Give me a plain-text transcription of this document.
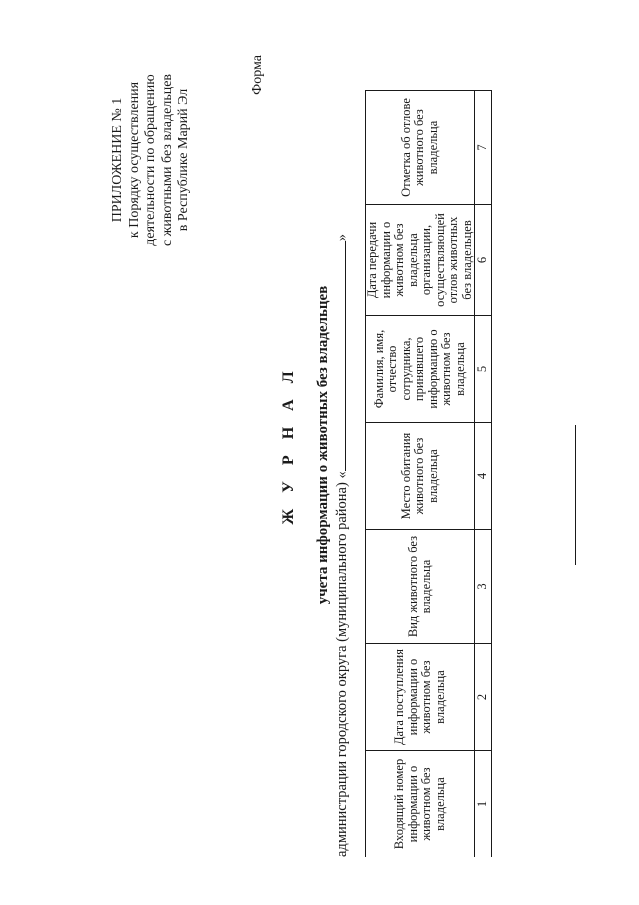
ПРИЛОЖЕНИЕ № 1 к Порядку осуществления деятельности по обращению с животными без владельцев в Республике Марий Эл
Форма
Ж У Р Н А Л учета информации о животных без владельцев
администрации городского округа (муниципального района) «»
Входящий номер информации о животном без владельца	Дата поступления информации о животном без владельца	Вид животного без владельца	Место обитания животного без владельца	Фамилия, имя, отчество сотрудника, принявшего информацию о животном без владельца	Дата передачи информации о животном без владельца организации, осуществляющей отлов животных без владельцев	Отметка об отлове животного без владельца
1	2	3	4	5	6	7
